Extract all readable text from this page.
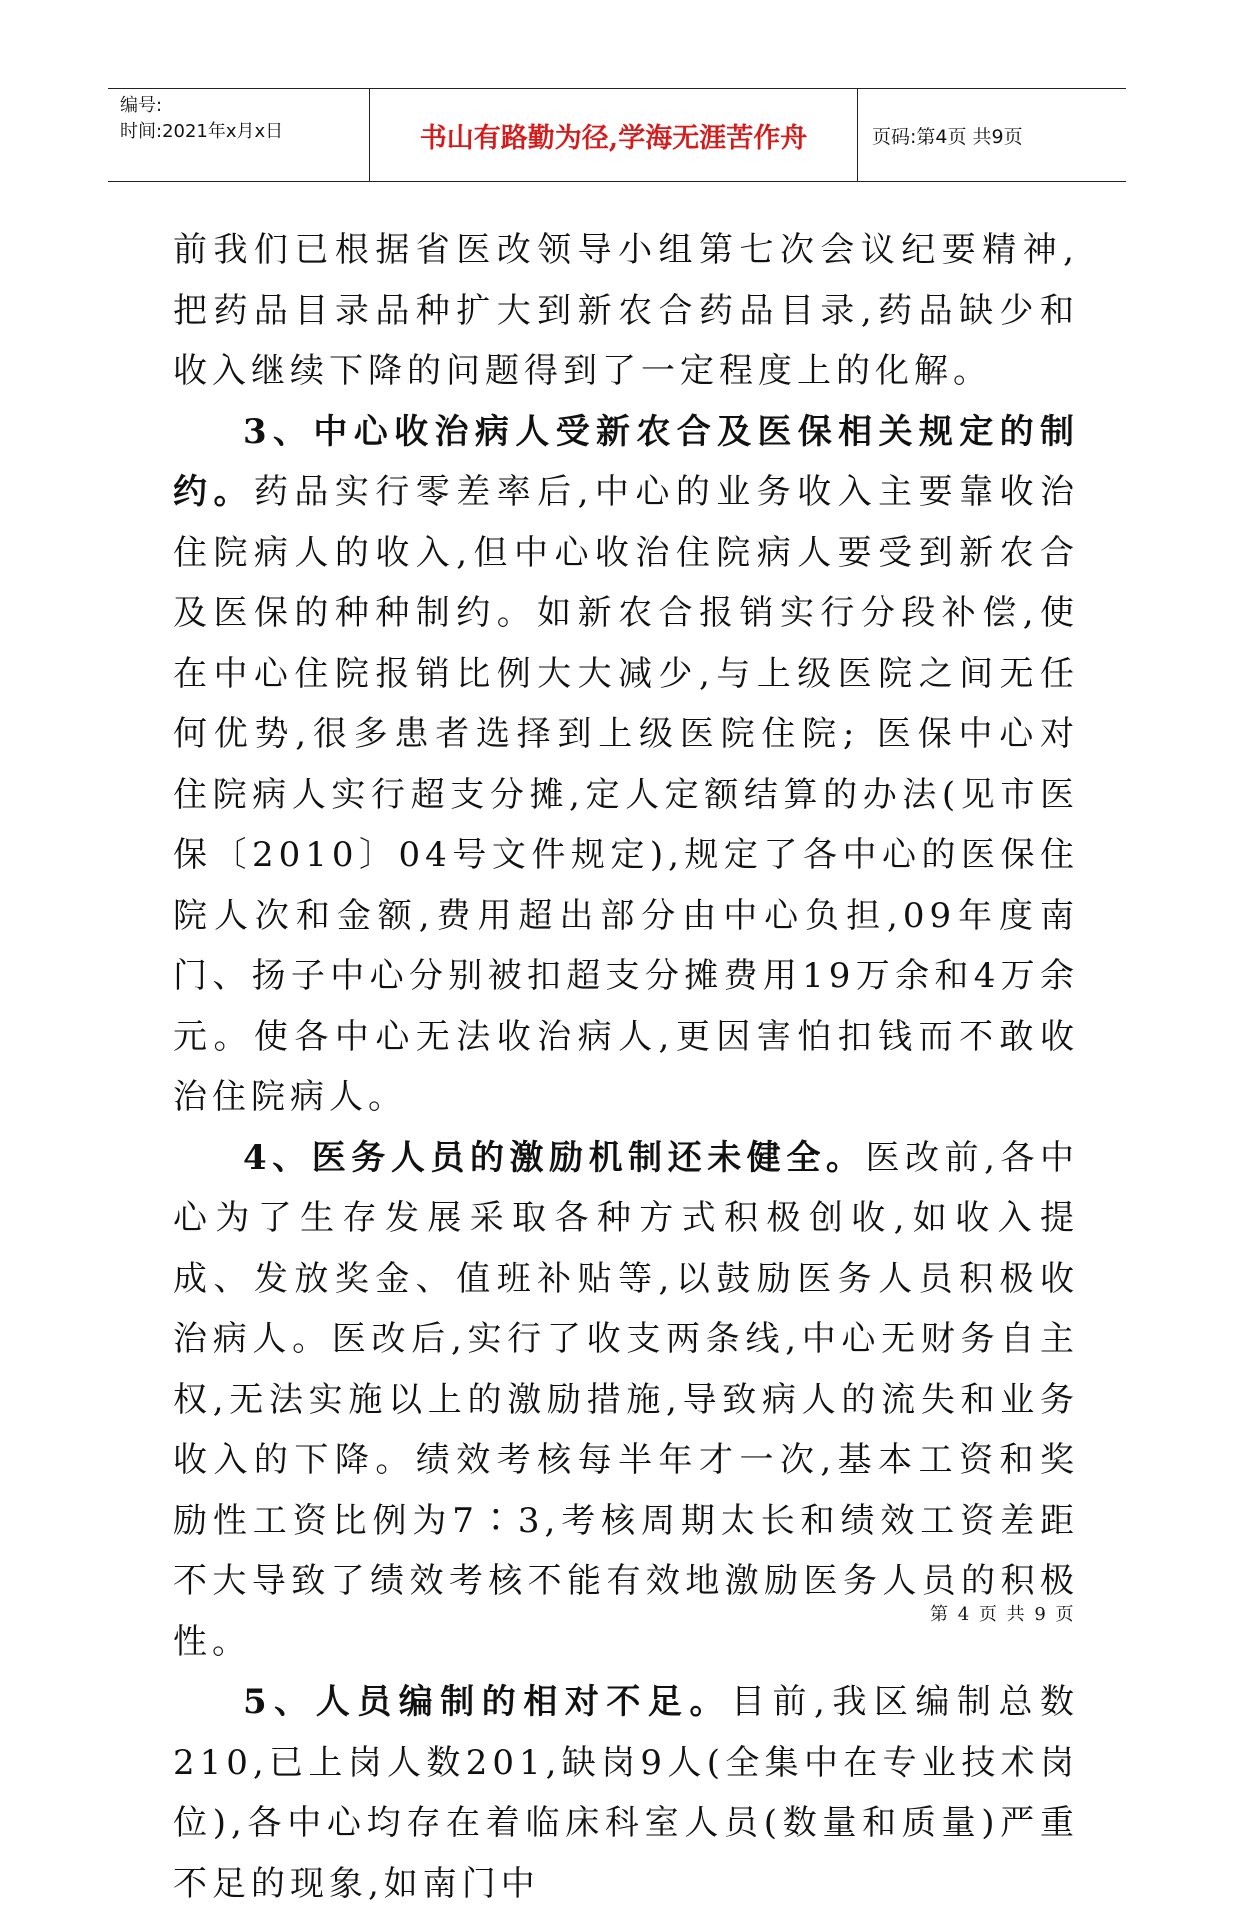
编号:
时间:2021年x月x日	书山有路勤为径,学海无涯苦作舟	页码:第4页 共9页

前我们已根据省医改领导小组第七次会议纪要精神,把药品目录品种扩大到新农合药品目录,药品缺少和收入继续下降的问题得到了一定程度上的化解。

3、中心收治病人受新农合及医保相关规定的制约。药品实行零差率后,中心的业务收入主要靠收治住院病人的收入,但中心收治住院病人要受到新农合及医保的种种制约。如新农合报销实行分段补偿,使在中心住院报销比例大大减少,与上级医院之间无任何优势,很多患者选择到上级医院住院; 医保中心对住院病人实行超支分摊,定人定额结算的办法(见市医保〔2010〕04号文件规定),规定了各中心的医保住院人次和金额,费用超出部分由中心负担,09年度南门、扬子中心分别被扣超支分摊费用19万余和4万余元。使各中心无法收治病人,更因害怕扣钱而不敢收治住院病人。

4、医务人员的激励机制还未健全。医改前,各中心为了生存发展采取各种方式积极创收,如收入提成、发放奖金、值班补贴等,以鼓励医务人员积极收治病人。医改后,实行了收支两条线,中心无财务自主权,无法实施以上的激励措施,导致病人的流失和业务收入的下降。绩效考核每半年才一次,基本工资和奖励性工资比例为7∶3,考核周期太长和绩效工资差距不大导致了绩效考核不能有效地激励医务人员的积极性。

5、人员编制的相对不足。目前,我区编制总数210,已上岗人数201,缺岗9人(全集中在专业技术岗位),各中心均存在着临床科室人员(数量和质量)严重不足的现象,如南门中

第 4 页 共 9 页
